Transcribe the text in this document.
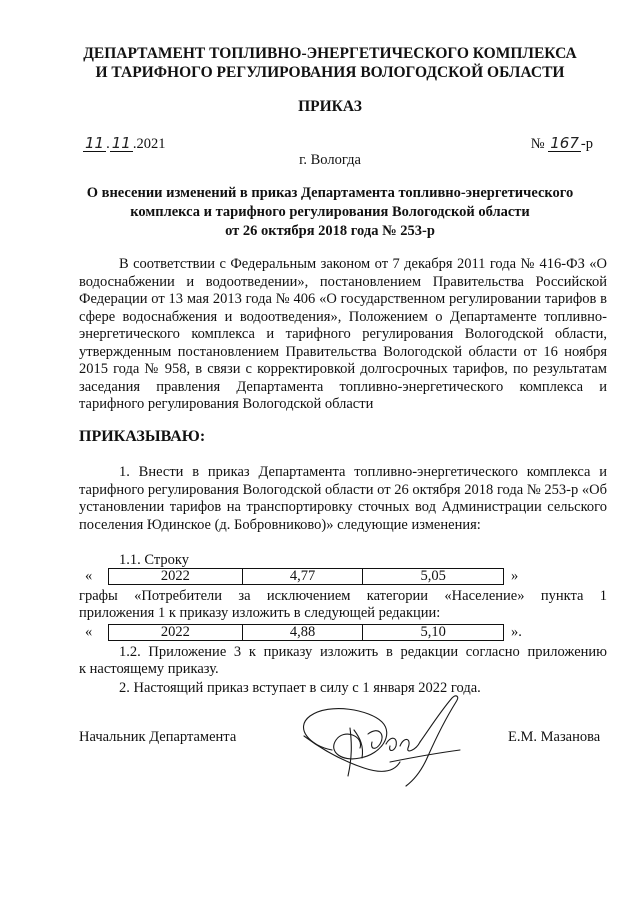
ДЕПАРТАМЕНТ ТОПЛИВНО-ЭНЕРГЕТИЧЕСКОГО КОМПЛЕКСА
И ТАРИФНОГО РЕГУЛИРОВАНИЯ ВОЛОГОДСКОЙ ОБЛАСТИ
ПРИКАЗ
11 . 11 .2021	№ 167 -р
г. Вологда
О внесении изменений в приказ Департамента топливно-энергетического
комплекса и тарифного регулирования Вологодской области
от 26 октября 2018 года № 253-р
В соответствии с Федеральным законом от 7 декабря 2011 года № 416-ФЗ «О водоснабжении и водоотведении», постановлением Правительства Российской Федерации от 13 мая 2013 года № 406 «О государственном регулировании тарифов в сфере водоснабжения и водоотведения», Положением о Департаменте топливно-энергетического комплекса и тарифного регулирования Вологодской области, утвержденным постановлением Правительства Вологодской области от 16 ноября 2015 года № 958, в связи с корректировкой долгосрочных тарифов, по результатам заседания правления Департамента топливно-энергетического комплекса и тарифного регулирования Вологодской области
ПРИКАЗЫВАЮ:
1. Внести в приказ Департамента топливно-энергетического комплекса и тарифного регулирования Вологодской области от 26 октября 2018 года № 253-р «Об установлении тарифов на транспортировку сточных вод Администрации сельского поселения Юдинское (д. Бобровниково)» следующие изменения:
1.1. Строку
«	2022	4,77	5,05	»
графы «Потребители за исключением категории «Население» пункта 1
приложения 1 к приказу изложить в следующей редакции:
«	2022	4,88	5,10	».
1.2. Приложение 3 к приказу изложить в редакции согласно приложению
к настоящему приказу.
2. Настоящий приказ вступает в силу с 1 января 2022 года.
Начальник Департамента	Е.М. Мазанова
